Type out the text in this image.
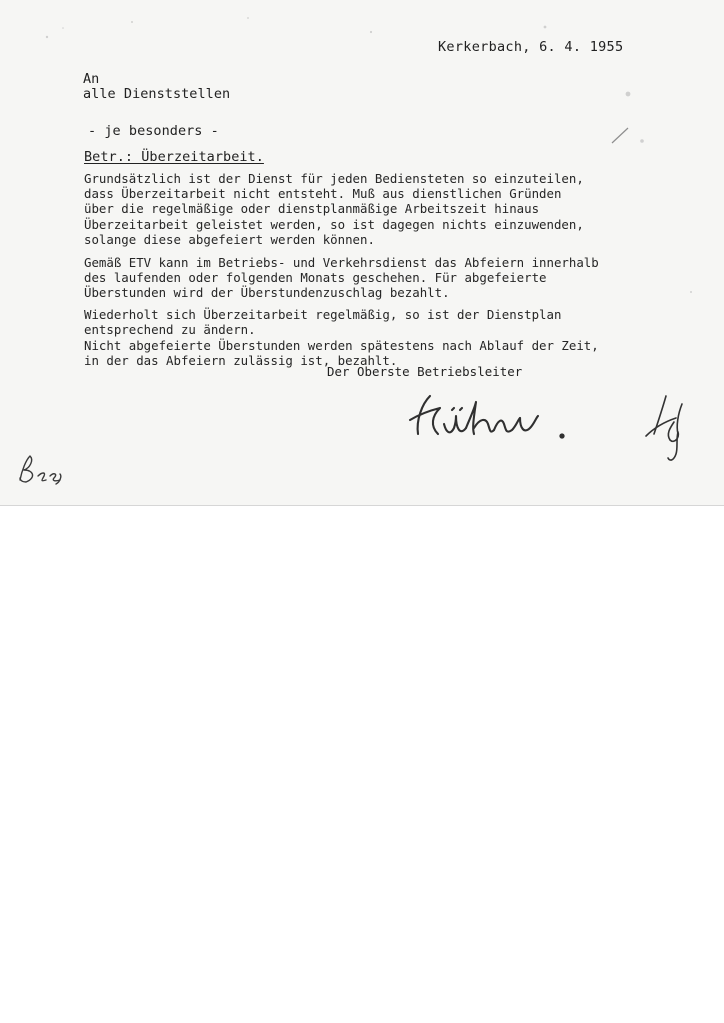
Kerkerbach, 6. 4. 1955
An
alle Dienststellen
- je besonders -
Betr.: Überzeitarbeit.
Grundsätzlich ist der Dienst für jeden Bediensteten so einzuteilen,
dass Überzeitarbeit nicht entsteht. Muß aus dienstlichen Gründen
über die regelmäßige oder dienstplanmäßige Arbeitszeit hinaus
Überzeitarbeit geleistet werden, so ist dagegen nichts einzuwenden,
solange diese abgefeiert werden können.
Gemäß ETV kann im Betriebs- und Verkehrsdienst das Abfeiern innerhalb
des laufenden oder folgenden Monats geschehen. Für abgefeierte
Überstunden wird der Überstundenzuschlag bezahlt.
Wiederholt sich Überzeitarbeit regelmäßig, so ist der Dienstplan
entsprechend zu ändern.
Nicht abgefeierte Überstunden werden spätestens nach Ablauf der Zeit,
in der das Abfeiern zulässig ist, bezahlt.
Der Oberste Betriebsleiter
